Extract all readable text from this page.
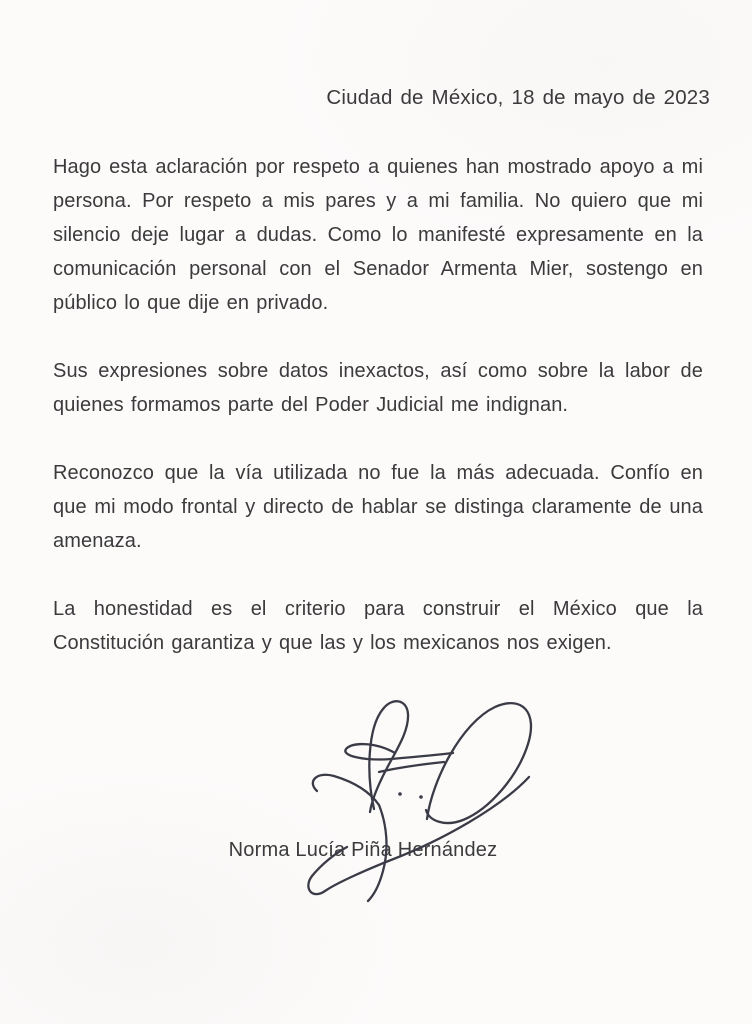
Ciudad de México, 18 de mayo de 2023

Hago esta aclaración por respeto a quienes han mostrado apoyo a mi persona. Por respeto a mis pares y a mi familia. No quiero que mi silencio deje lugar a dudas. Como lo manifesté expresamente en la comunicación personal con el Senador Armenta Mier, sostengo en público lo que dije en privado.

Sus expresiones sobre datos inexactos, así como sobre la labor de quienes formamos parte del Poder Judicial me indignan.

Reconozco que la vía utilizada no fue la más adecuada. Confío en que mi modo frontal y directo de hablar se distinga claramente de una amenaza.

La honestidad es el criterio para construir el México que la Constitución garantiza y que las y los mexicanos nos exigen.

Norma Lucía Piña Hernández
